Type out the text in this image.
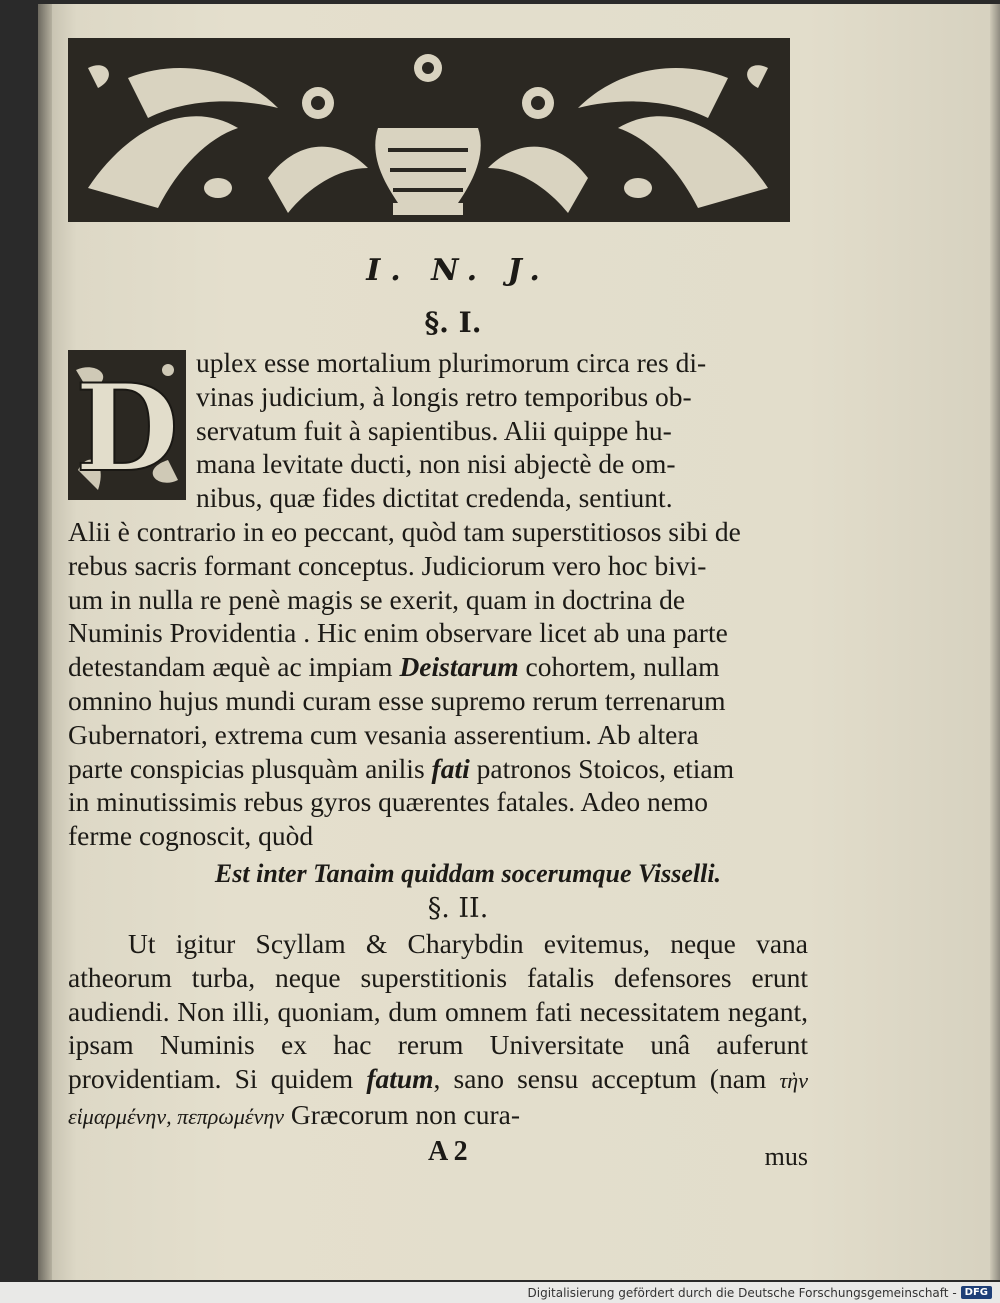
I. N. J.
§. I.
D uplex esse mortalium plurimorum circa res di-
vinas judicium, à longis retro temporibus ob-
servatum fuit à sapientibus. Alii quippe hu-
mana levitate ducti, non nisi abjectè de om-
nibus, quæ fides dictitat credenda, sentiunt.
Alii è contrario in eo peccant, quòd tam superstitiosos sibi de
rebus sacris formant conceptus. Judiciorum vero hoc bivi-
um in nulla re penè magis se exerit, quam in doctrina de
Numinis Providentia . Hic enim observare licet ab una parte
detestandam æquè ac impiam Deistarum cohortem, nullam
omnino hujus mundi curam esse supremo rerum terrenarum
Gubernatori, extrema cum vesania asserentium. Ab altera
parte conspicias plusquàm anilis fati patronos Stoicos, etiam
in minutissimis rebus gyros quærentes fatales. Adeo nemo
ferme cognoscit, quòd
Est inter Tanaim quiddam socerumque Visselli.
§. II.

Ut igitur Scyllam & Charybdin evitemus, neque vana atheorum turba, neque superstitionis fatalis defensores erunt audiendi. Non illi, quoniam, dum omnem fati necessitatem negant, ipsam Numinis ex hac rerum Universitate unâ auferunt providentiam. Si quidem fatum, sano sensu acceptum (nam τὴν εἱμαρμένην, πεπρωμένην Græcorum non cura-

A 2	mus
Digitalisierung gefördert durch die Deutsche Forschungsgemeinschaft - DFG
